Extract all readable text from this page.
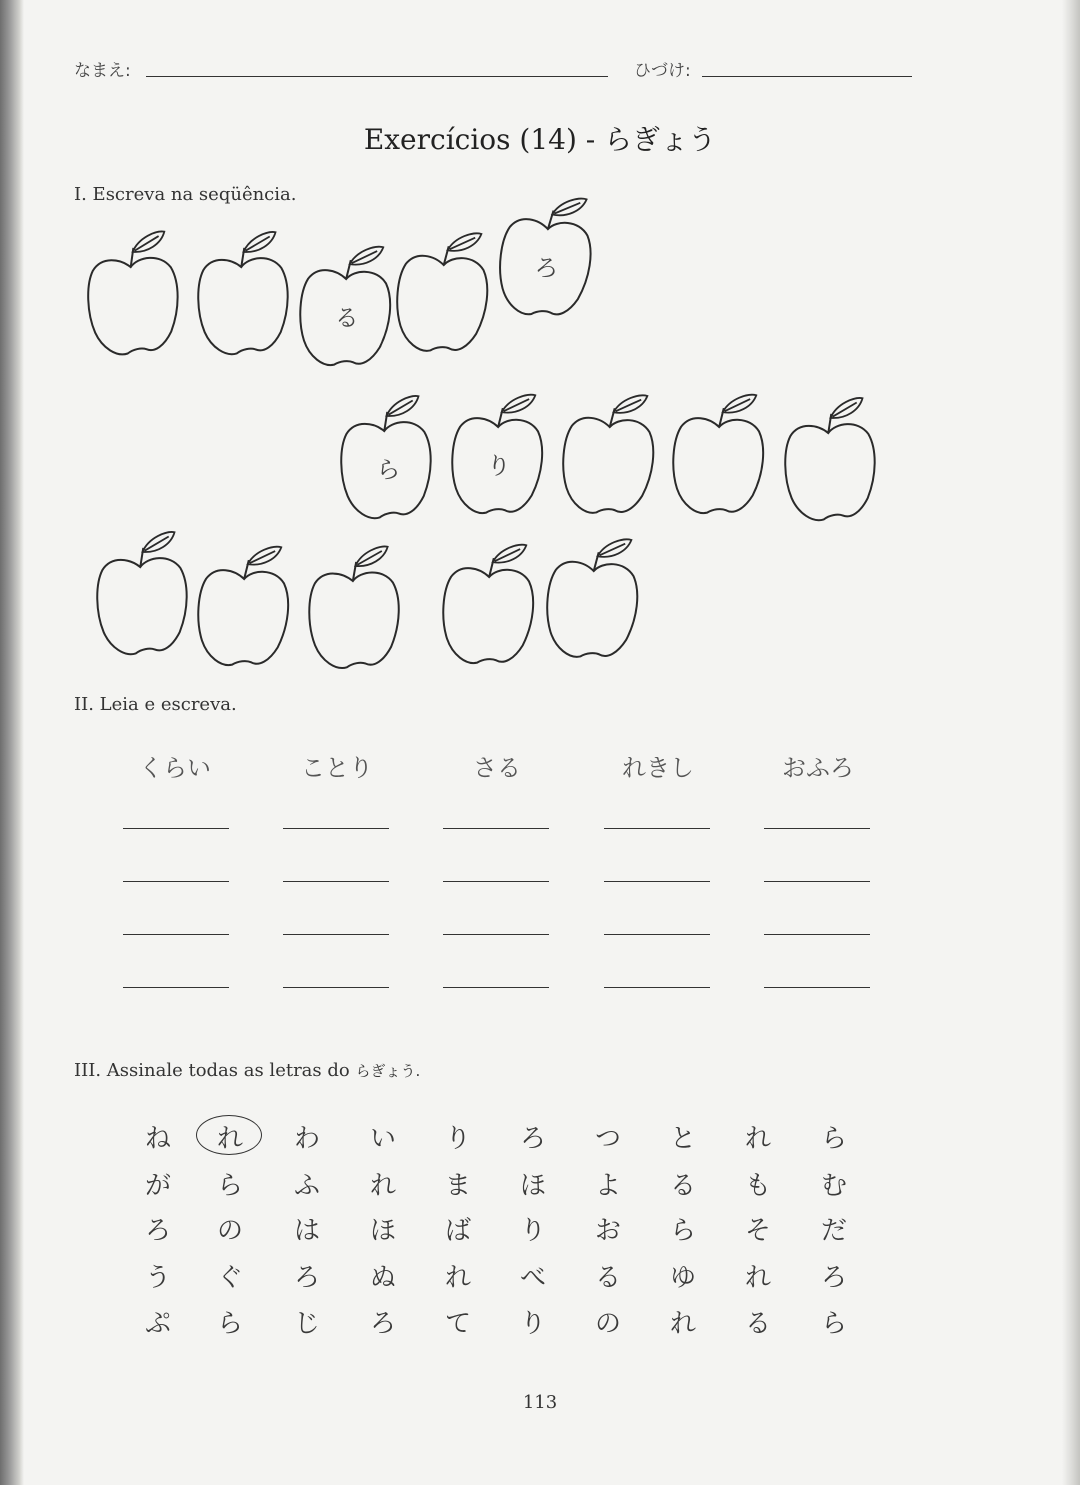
なまえ:	ひづけ:
Exercícios (14) - らぎょう
I. Escreva na seqüência.
る
ろ
ら	り
II. Leia e escreva.
くらい	ことり	さる	れきし	おふろ
III. Assinale todas as letras do らぎょう.
ね れ わ い り ろ つ と れ ら
が ら ふ れ ま ほ よ る も む
ろ の は ほ ば り お ら そ だ
う ぐ ろ ぬ れ べ る ゆ れ ろ
ぷ ら じ ろ て り の れ る ら
113
